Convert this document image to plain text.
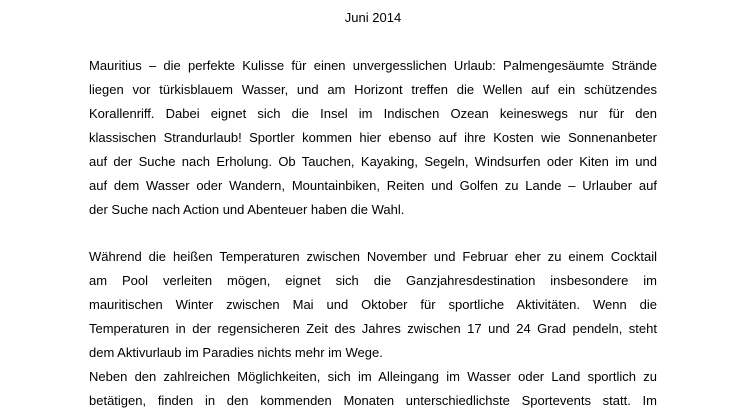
Juni 2014
Mauritius – die perfekte Kulisse für einen unvergesslichen Urlaub: Palmengesäumte Strände
liegen vor türkisblauem Wasser, und am Horizont treffen die Wellen auf ein schützendes
Korallenriff. Dabei eignet sich die Insel im Indischen Ozean keineswegs nur für den
klassischen Strandurlaub! Sportler kommen hier ebenso auf ihre Kosten wie Sonnenanbeter
auf der Suche nach Erholung. Ob Tauchen, Kayaking, Segeln, Windsurfen oder Kiten im und
auf dem Wasser oder Wandern, Mountainbiken, Reiten und Golfen zu Lande – Urlauber auf
der Suche nach Action und Abenteuer haben die Wahl.
Während die heißen Temperaturen zwischen November und Februar eher zu einem Cocktail
am Pool verleiten mögen, eignet sich die Ganzjahresdestination insbesondere im
mauritischen Winter zwischen Mai und Oktober für sportliche Aktivitäten. Wenn die
Temperaturen in der regensicheren Zeit des Jahres zwischen 17 und 24 Grad pendeln, steht
dem Aktivurlaub im Paradies nichts mehr im Wege.
Neben den zahlreichen Möglichkeiten, sich im Alleingang im Wasser oder Land sportlich zu
betätigen, finden in den kommenden Monaten unterschiedlichste Sportevents statt. Im
